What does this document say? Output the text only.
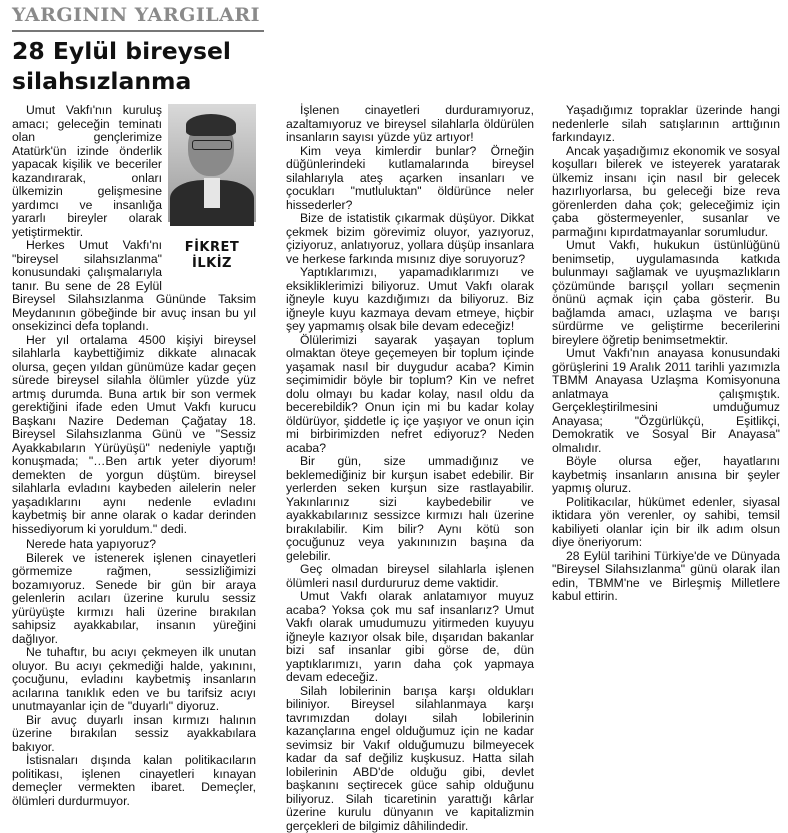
YARGININ YARGILARI
28 Eylül bireysel
silahsızlanma
FİKRET
İLKİZ

Umut Vakfı'nın kuruluş amacı; geleceğin teminatı olan gençlerimize Atatürk'ün izinde önderlik yapacak kişilik ve beceriler kazandırarak, onları ülkemizin gelişmesine yardımcı ve insanlığa yararlı bireyler olarak yetiştirmektir.

Herkes Umut Vakfı'nı "bireysel silahsızlanma" konusundaki çalışmalarıyla tanır. Bu sene de 28 Eylül Bireysel Silahsızlanma Gününde Taksim Meydanının göbeğinde bir avuç insan bu yıl onsekizinci defa toplandı.

Her yıl ortalama 4500 kişiyi bireysel silahlarla kaybettiğimiz dikkate alınacak olursa, geçen yıldan günümüze kadar geçen sürede bireysel silahla ölümler yüzde yüz artmış durumda. Buna artık bir son vermek gerektiğini ifade eden Umut Vakfı kurucu Başkanı Nazire Dedeman Çağatay 18. Bireysel Silahsızlanma Günü ve "Sessiz Ayakkabıların Yürüyüşü" nedeniyle yaptığı konuşmada; "…Ben artık yeter diyorum! demekten de yorgun düştüm. bireysel silahlarla evladını kaybeden ailelerin neler yaşadıklarını aynı nedenle evladını kaybetmiş bir anne olarak o kadar derinden hissediyorum ki yoruldum." dedi.

Nerede hata yapıyoruz?

Bilerek ve istenerek işlenen cinayetleri görmemize rağmen, sessizliğimizi bozamıyoruz. Senede bir gün bir araya gelenlerin acıları üzerine kurulu sessiz yürüyüşte kırmızı hali üzerine bırakılan sahipsiz ayakkabılar, insanın yüreğini dağlıyor.

Ne tuhaftır, bu acıyı çekmeyen ilk unutan oluyor. Bu acıyı çekmediği halde, yakınını, çocuğunu, evladını kaybetmiş insanların acılarına tanıklık eden ve bu tarifsiz acıyı unutmayanlar için de "duyarlı" diyoruz.

Bir avuç duyarlı insan kırmızı halının üzerine bırakılan sessiz ayakkabılara bakıyor.

İstisnaları dışında kalan politikacıların politikası, işlenen cinayetleri kınayan demeçler vermekten ibaret. Demeçler, ölümleri durdurmuyor.

İşlenen cinayetleri durduramıyoruz, azaltamıyoruz ve bireysel silahlarla öldürülen insanların sayısı yüzde yüz artıyor!

Kim veya kimlerdir bunlar? Örneğin düğünlerindeki kutlamalarında bireysel silahlarıyla ateş açarken insanları ve çocukları "mutluluktan" öldürünce neler hissederler?

Bize de istatistik çıkarmak düşüyor. Dikkat çekmek bizim görevimiz oluyor, yazıyoruz, çiziyoruz, anlatıyoruz, yollara düşüp insanlara ve herkese farkında mısınız diye soruyoruz?

Yaptıklarımızı, yapamadıklarımızı ve eksikliklerimizi biliyoruz. Umut Vakfı olarak iğneyle kuyu kazdığımızı da biliyoruz. Biz iğneyle kuyu kazmaya devam etmeye, hiçbir şey yapmamış olsak bile devam edeceğiz!

Ölülerimizi sayarak yaşayan toplum olmaktan öteye geçemeyen bir toplum içinde yaşamak nasıl bir duygudur acaba? Kimin seçimimidir böyle bir toplum? Kin ve nefret dolu olmayı bu kadar kolay, nasıl oldu da becerebildik? Onun için mi bu kadar kolay öldürüyor, şiddetle iç içe yaşıyor ve onun için mi birbirimizden nefret ediyoruz? Neden acaba?

Bir gün, size ummadığınız ve beklemediğiniz bir kurşun isabet edebilir. Bir yerlerden seken kurşun size rastlayabilir. Yakınlarınız sizi kaybedebilir ve ayakkabılarınız sessizce kırmızı halı üzerine bırakılabilir. Kim bilir? Aynı kötü son çocuğunuz veya yakınınızın başına da gelebilir.

Geç olmadan bireysel silahlarla işlenen ölümleri nasıl durdururuz deme vaktidir.

Umut Vakfı olarak anlatamıyor muyuz acaba? Yoksa çok mu saf insanlarız? Umut Vakfı olarak umudumuzu yitirmeden kuyuyu iğneyle kazıyor olsak bile, dışarıdan bakanlar bizi saf insanlar gibi görse de, dün yaptıklarımızı, yarın daha çok yapmaya devam edeceğiz.

Silah lobilerinin barışa karşı oldukları biliniyor. Bireysel silahlanmaya karşı tavrımızdan dolayı silah lobilerinin kazançlarına engel olduğumuz için ne kadar sevimsiz bir Vakıf olduğumuzu bilmeyecek kadar da saf değiliz kuşkusuz. Hatta silah lobilerinin ABD'de olduğu gibi, devlet başkanını seçtirecek güce sahip olduğunu biliyoruz. Silah ticaretinin yarattığı kârlar üzerine kurulu dünyanın ve kapitalizmin gerçekleri de bilgimiz dâhilindedir.

Yaşadığımız topraklar üzerinde hangi nedenlerle silah satışlarının arttığının farkındayız.

Ancak yaşadığımız ekonomik ve sosyal koşulları bilerek ve isteyerek yaratarak ülkemiz insanı için nasıl bir gelecek hazırlıyorlarsa, bu geleceği bize reva görenlerden daha çok; geleceğimiz için çaba göstermeyenler, susanlar ve parmağını kıpırdatmayanlar sorumludur.

Umut Vakfı, hukukun üstünlüğünü benimsetip, uygulamasında katkıda bulunmayı sağlamak ve uyuşmazlıkların çözümünde barışçıl yolları seçmenin önünü açmak için çaba gösterir. Bu bağlamda amacı, uzlaşma ve barışı sürdürme ve geliştirme becerilerini bireylere öğretip benimsetmektir.

Umut Vakfı'nın anayasa konusundaki görüşlerini 19 Aralık 2011 tarihli yazımızla TBMM Anayasa Uzlaşma Komisyonuna anlatmaya çalışmıştık. Gerçekleştirilmesini umduğumuz Anayasa; "Özgürlükçü, Eşitlikçi, Demokratik ve Sosyal Bir Anayasa" olmalıdır.

Böyle olursa eğer, hayatlarını kaybetmiş insanların anısına bir şeyler yapmış oluruz.

Politikacılar, hükümet edenler, siyasal iktidara yön verenler, oy sahibi, temsil kabiliyeti olanlar için bir ilk adım olsun diye öneriyorum:

28 Eylül tarihini Türkiye'de ve Dünyada "Bireysel Silahsızlanma" günü olarak ilan edin, TBMM'ne ve Birleşmiş Milletlere kabul ettirin.
